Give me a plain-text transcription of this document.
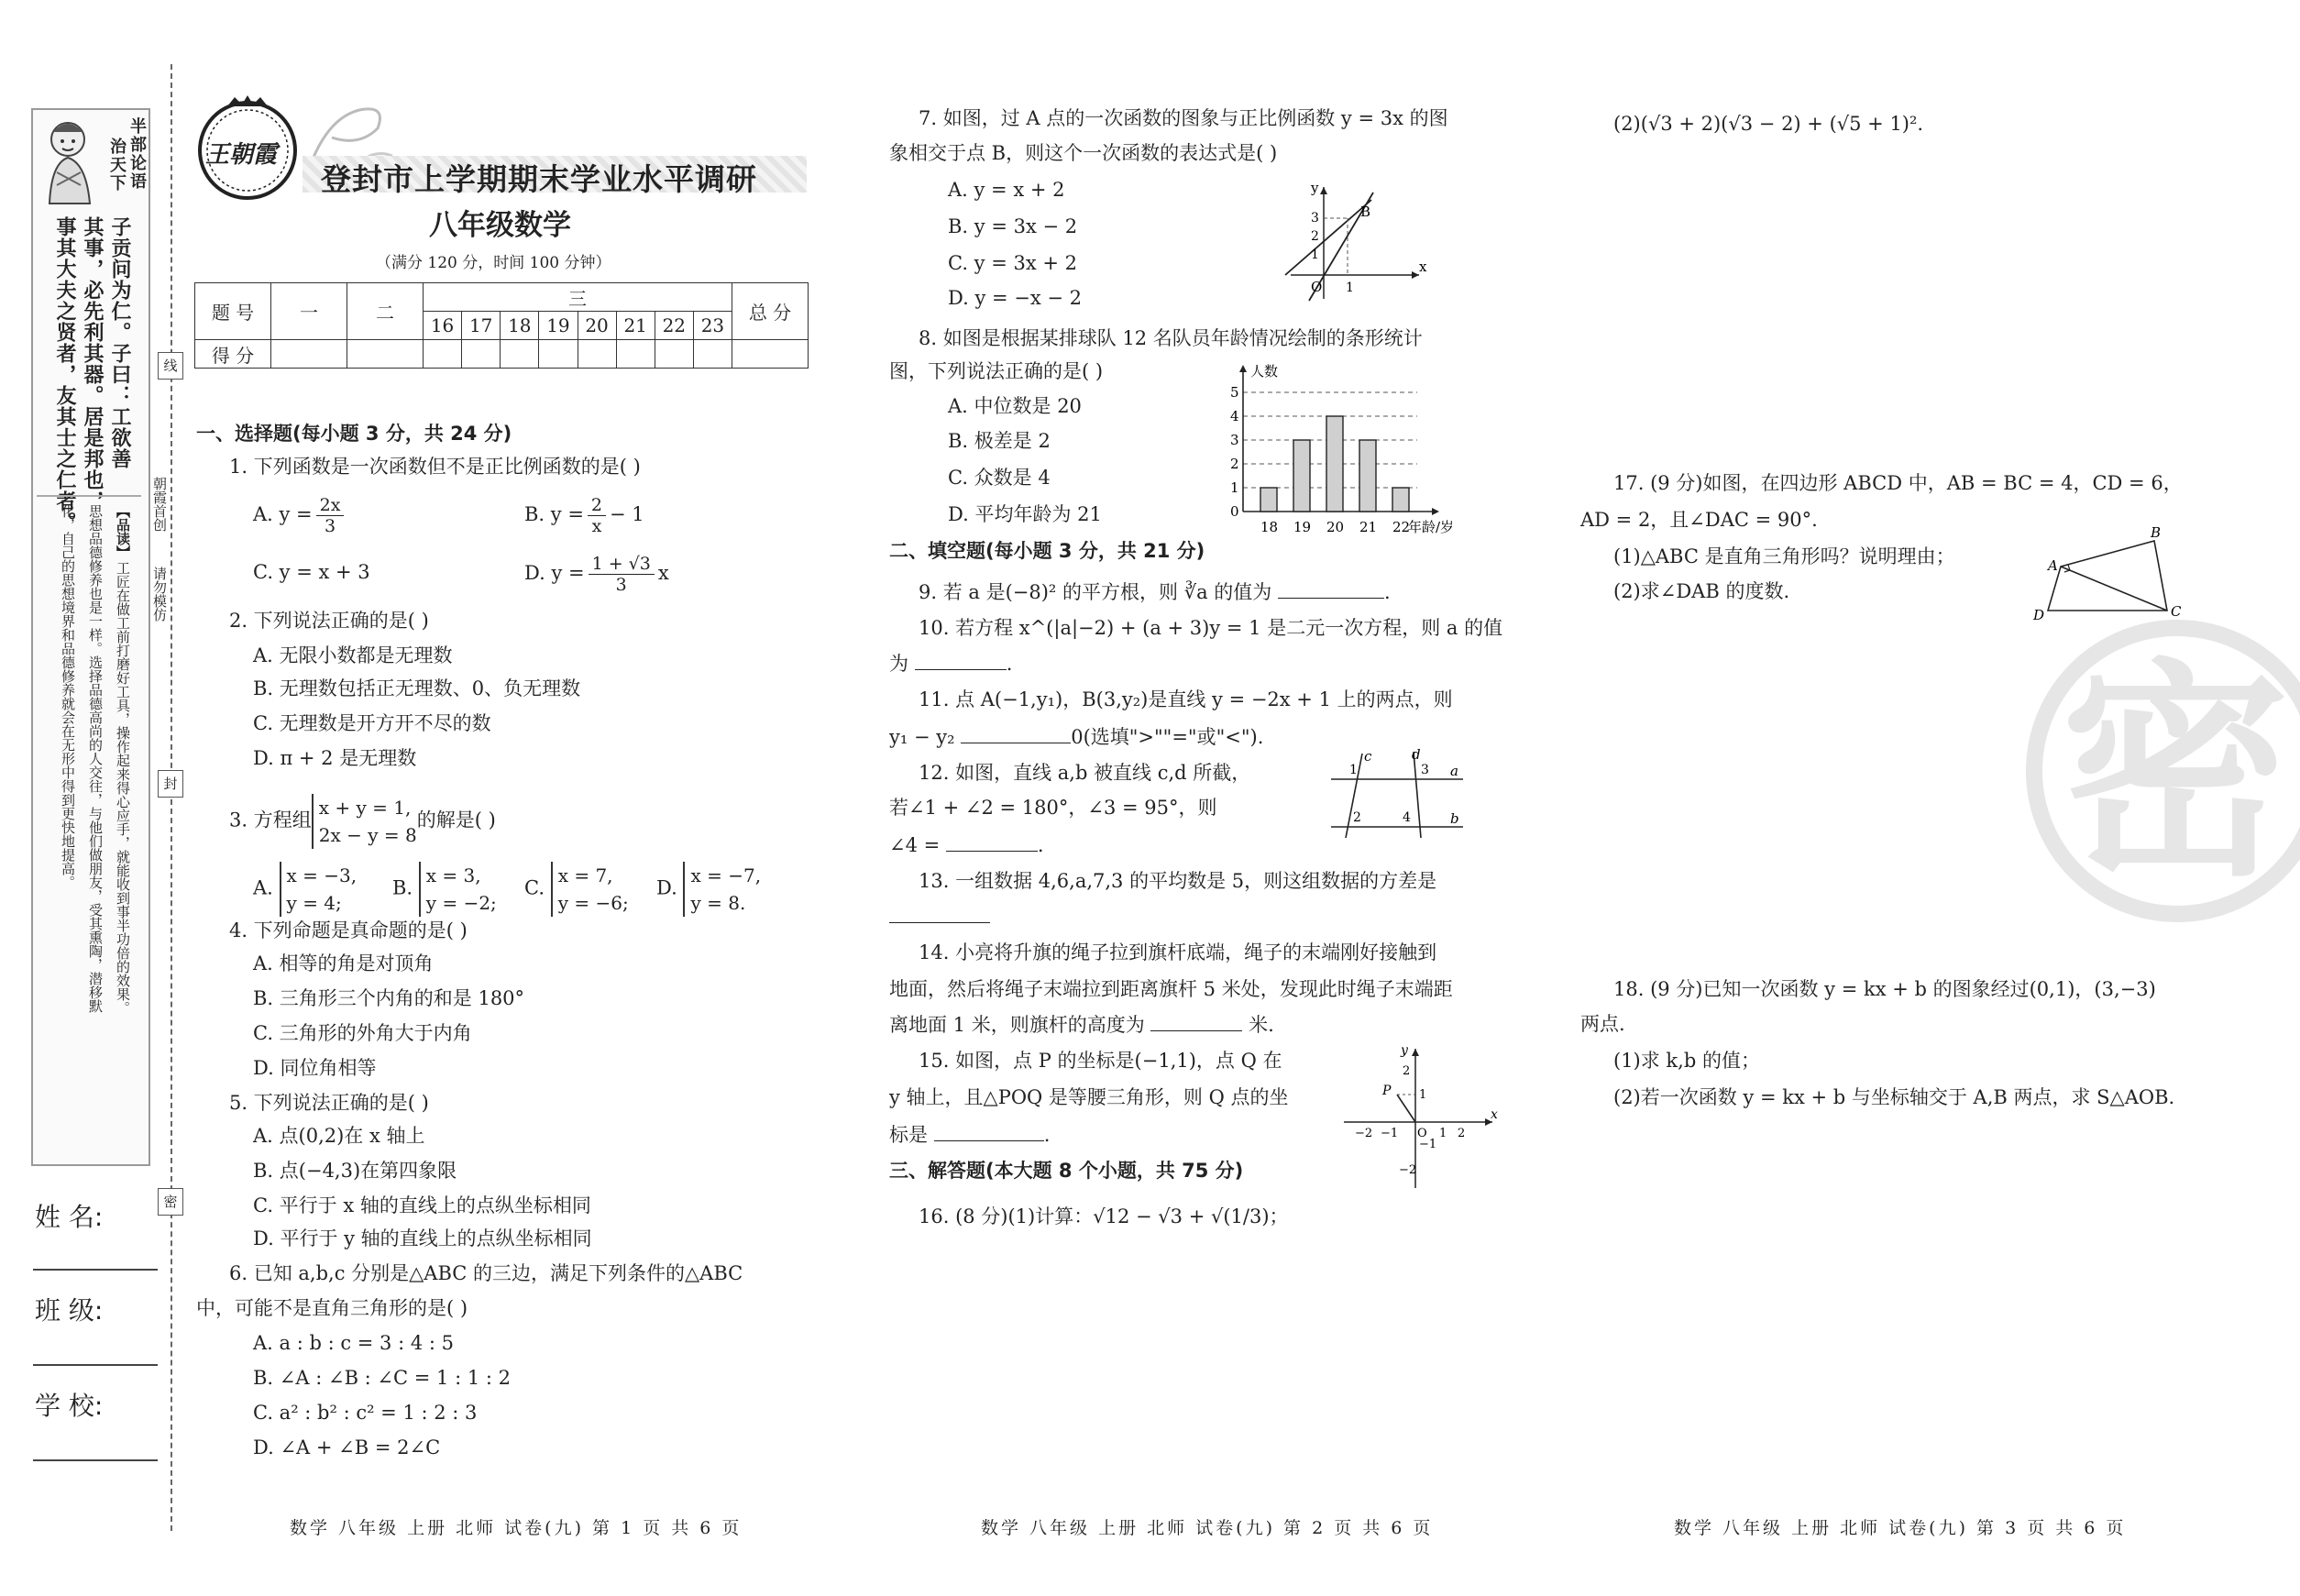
半部论语
治天下
子贡问为仁。子曰：工欲善
其事，必先利其器。居是邦也，
事其大夫之贤者，友其士之仁者。	【品读】
工匠在做工前打磨好工具，操作起来得心应手，就能收到事半功倍的效果。
思想品德修养也是一样。选择品德高尚的人交往，与他们做朋友，受其熏陶，潜移默
化，自己的思想境界和品德修养就会在无形中得到更快地提高。
线
朝霞首创
请勿模仿
封
密
姓 名:
班 级:
学 校:
王朝霞
登封市上学期期末学业水平调研
八年级数学
（满分 120 分，时间 100 分钟）
题 号	一	二	三								总 分
			16	17	18	19	20	21	22	23	
得 分											
一、选择题(每小题 3 分，共 24 分)
1. 下列函数是一次函数但不是正比例函数的是( )
A. $y = \frac{2x}{3}$	B. $y = \frac{2}{x} - 1$
C. y = x + 3	D. $y = \frac{1 + √3}{3}$ x
2. 下列说法正确的是( )
A. 无限小数都是无理数
B. 无理数包括正无理数、0、负无理数
C. 无理数是开方开不尽的数
D. π + 2 是无理数
3. 方程组x + y = 1,
2x − y = 8的解是( )
A. x = −3,
y = 4;
B. x = 3,
y = −2;
C. x = 7,
y = −6;
D. x = −7,
y = 8.
4. 下列命题是真命题的是( )
A. 相等的角是对顶角
B. 三角形三个内角的和是 180°
C. 三角形的外角大于内角
D. 同位角相等
5. 下列说法正确的是( )
A. 点(0,2)在 x 轴上
B. 点(−4,3)在第四象限
C. 平行于 x 轴的直线上的点纵坐标相同
D. 平行于 y 轴的直线上的点纵坐标相同
6. 已知 a,b,c 分别是△ABC 的三边，满足下列条件的△ABC
中，可能不是直角三角形的是( )
A. a : b : c = 3 : 4 : 5
B. ∠A : ∠B : ∠C = 1 : 1 : 2
C. a² : b² : c² = 1 : 2 : 3
D. ∠A + ∠B = 2∠C
数学 八年级 上册 北师 试卷(九) 第 1 页 共 6 页
7. 如图，过 A 点的一次函数的图象与正比例函数 y = 3x 的图
象相交于点 B，则这个一次函数的表达式是( )
A. y = x + 2
B. y = 3x − 2
C. y = 3x + 2
D. y = −x − 2
y
x
O
B
3
2
1
1
8. 如图是根据某排球队 12 名队员年龄情况绘制的条形统计
图，下列说法正确的是( )
A. 中位数是 20
B. 极差是 2
C. 众数是 4
D. 平均年龄为 21	0
1
2
3
4
5
人数
年龄/岁
18 19 20 21 22
二、填空题(每小题 3 分，共 21 分)
9. 若 a 是(−8)² 的平方根，则 ∛a 的值为	.
10. 若方程 x^(|a|−2) + (a + 3)y = 1 是二元一次方程，则 a 的值
为	.
11. 点 A(−1,y₁)，B(3,y₂)是直线 y = −2x + 1 上的两点，则
y₁ − y₂	0(选填">""="或"<").
12. 如图，直线 a,b 被直线 c,d 所截，
若∠1 + ∠2 = 180°，∠3 = 95°，则
∠4 =	.
c	d
a
b
1
2
3
4
13. 一组数据 4,6,a,7,3 的平均数是 5，则这组数据的方差是
14. 小亮将升旗的绳子拉到旗杆底端，绳子的末端刚好接触到
地面，然后将绳子末端拉到距离旗杆 5 米处，发现此时绳子末端距
离地面 1 米，则旗杆的高度为	米.
15. 如图，点 P 的坐标是(−1,1)，点 Q 在
y 轴上，且△POQ 是等腰三角形，则 Q 点的坐
标是	.
y
x
O
P
2
1
−1
−2
−2 −1	1 2
三、解答题(本大题 8 个小题，共 75 分)
16. (8 分)(1)计算：√12 − √3 + √(1/3)；
数学 八年级 上册 北师 试卷(九) 第 2 页 共 6 页
(2)(√3 + 2)(√3 − 2) + (√5 + 1)².
17. (9 分)如图，在四边形 ABCD 中，AB = BC = 4，CD = 6，
AD = 2，且∠DAC = 90°.
(1)△ABC 是直角三角形吗？说明理由；
(2)求∠DAB 的度数.
密
A
B
C
D
18. (9 分)已知一次函数 y = kx + b 的图象经过(0,1)，(3,−3)
两点.
(1)求 k,b 的值；
(2)若一次函数 y = kx + b 与坐标轴交于 A,B 两点，求 S△AOB.
数学 八年级 上册 北师 试卷(九) 第 3 页 共 6 页
